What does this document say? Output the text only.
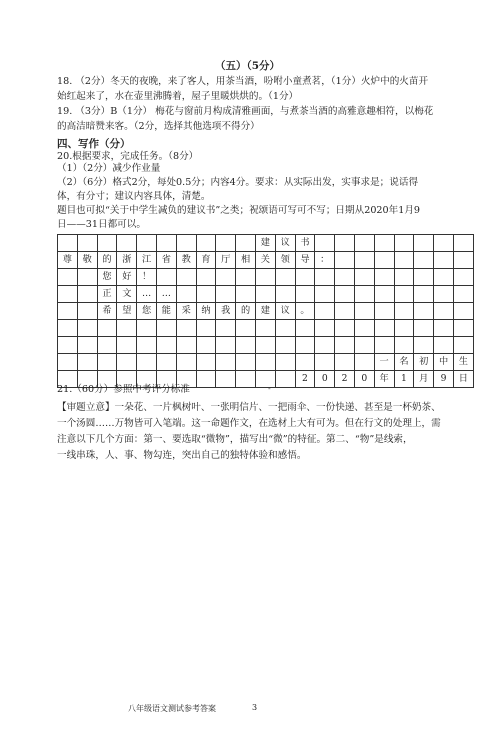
（五）（5分）
18. （2分）冬天的夜晚，来了客人，用茶当酒，吩咐小童煮茗，（1分）火炉中的火苗开
始红起来了，水在壶里沸腾着，屋子里暖烘烘的。（1分）
19. （3分）B（1分） 梅花与窗前月构成清雅画面，与煮茶当酒的高雅意趣相符，以梅花
的高洁暗赞来客。（2分，选择其他选项不得分）
四、写作（分）
20.根据要求，完成任务。（8分）
（1）（2分）减少作业量
（2）（6分）格式2分，每处0.5分；内容4分。要求：从实际出发，实事求是；说话得
体，有分寸；建议内容具体，清楚。
题目也可拟“关于中学生减负的建议书”之类；祝颂语可写可不写；日期从2020年1月9
日——31日都可以。
										建	议	书								
尊	敬	的	浙	江	省	教	育	厅	相	关	领	导	：							
		您	好	！																
		正	文	…	…															
		希	望	您	能	采	纳	我	的	建	议	。								

																一	名	初	中	生
												2	0	2	0	年	1	月	9	日
21.（60分）参照中考评分标准	-
【审题立意】一朵花、一片枫树叶、一张明信片、一把雨伞、一份快递、甚至是一杯奶茶、
一个汤圆……万物皆可入笔端。这一命题作文，在选材上大有可为。但在行文的处理上，需
注意以下几个方面：第一、要选取“微物”，描写出“微”的特征。第二、“物”是线索，
一线串珠，人、事、物勾连，突出自己的独特体验和感悟。
八年级语文测试参考答案	3
